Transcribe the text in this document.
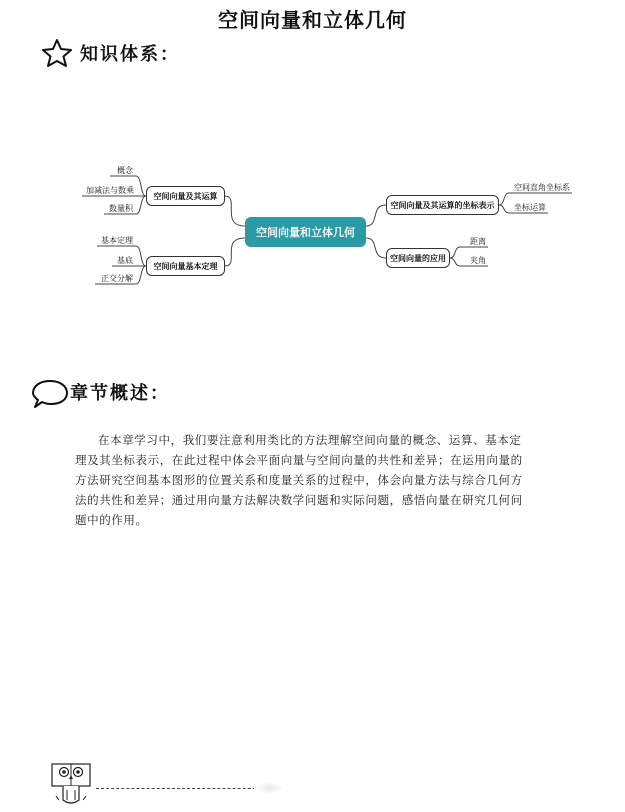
空间向量和立体几何
知识体系：
空间向量和立体几何
空间向量及其运算
空间向量基本定理
空间向量及其运算的坐标表示
空间向量的应用
概念
加减法与数乘
数量积
基本定理
基底
正交分解
空间直角坐标系
坐标运算
距离
夹角
章节概述：
在本章学习中，我们要注意利用类比的方法理解空间向量的概念、运算、基本定理及其坐标表示，在此过程中体会平面向量与空间向量的共性和差异；在运用向量的方法研究空间基本图形的位置关系和度量关系的过程中，体会向量方法与综合几何方法的共性和差异；通过用向量方法解决数学问题和实际问题，感悟向量在研究几何问题中的作用。
